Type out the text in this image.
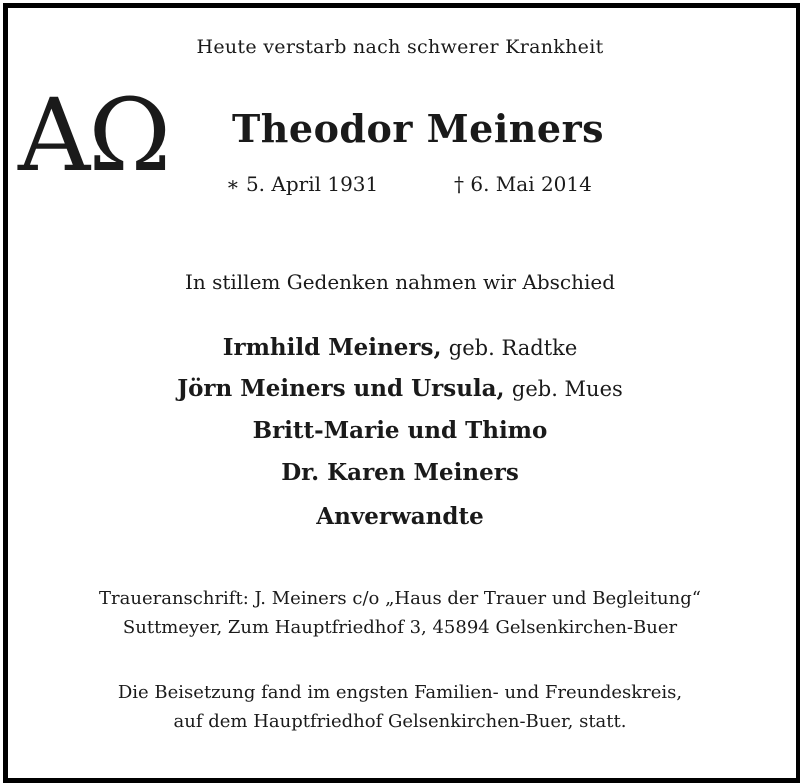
Heute verstarb nach schwerer Krankheit
AΩ Theodor Meiners
∗ 5. April 1931	† 6. Mai 2014
In stillem Gedenken nahmen wir Abschied
Irmhild Meiners, geb. Radtke
Jörn Meiners und Ursula, geb. Mues
Britt-Marie und Thimo
Dr. Karen Meiners
Anverwandte
Traueranschrift: J. Meiners c/o „Haus der Trauer und Begleitung“
Suttmeyer, Zum Hauptfriedhof 3, 45894 Gelsenkirchen-Buer
Die Beisetzung fand im engsten Familien- und Freundeskreis,
auf dem Hauptfriedhof Gelsenkirchen-Buer, statt.
